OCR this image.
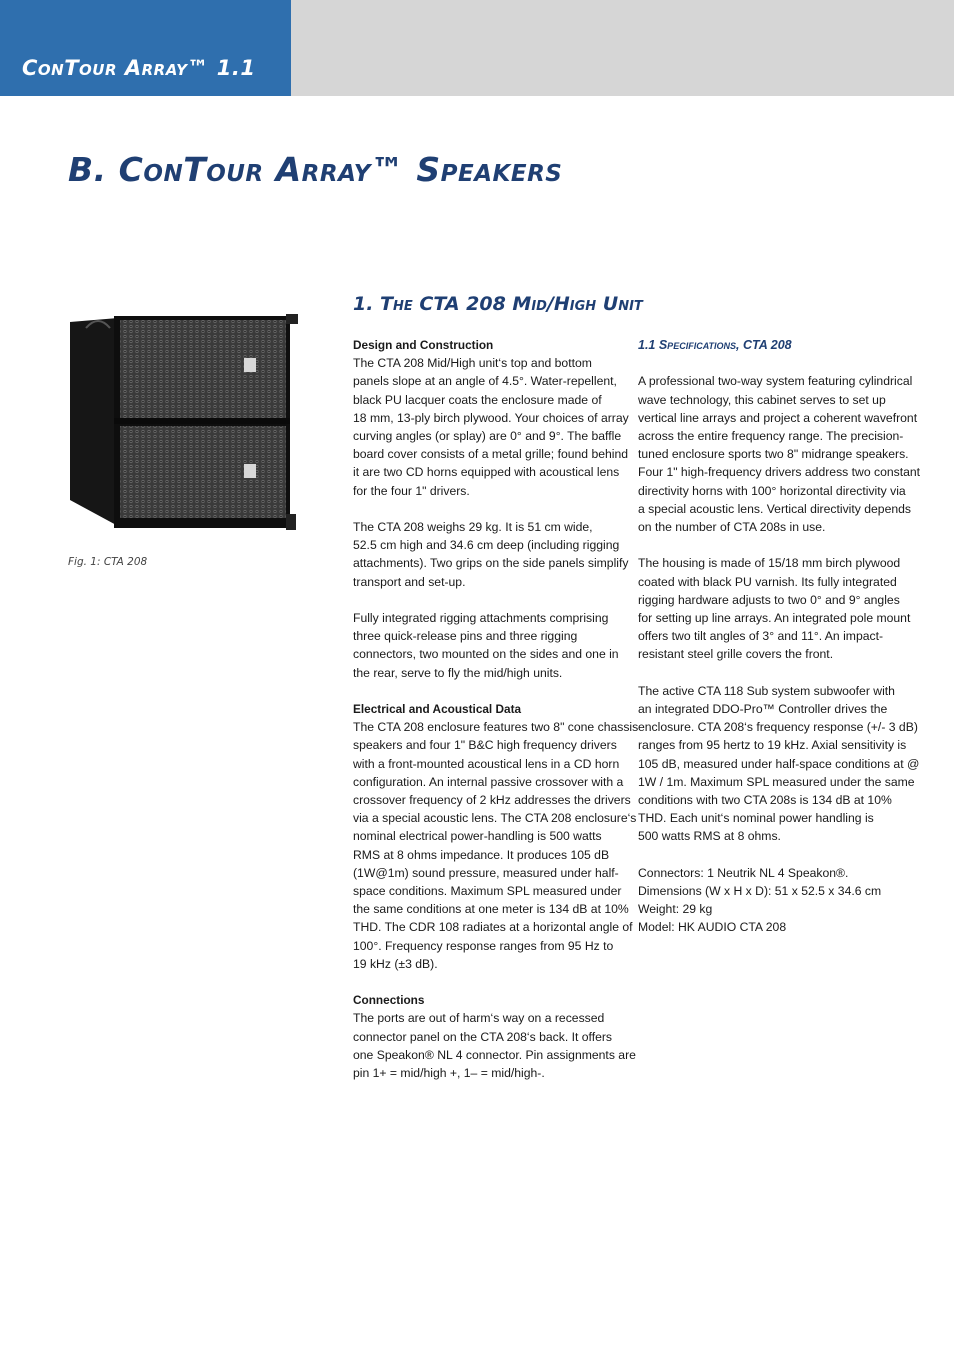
ConTour Array™ 1.1
B. ConTour Array™ Speakers
Fig. 1: CTA 208
1. The CTA 208 Mid/High Unit

Design and Construction

The CTA 208 Mid/High unit‘s top and bottom
panels slope at an angle of 4.5°. Water-repellent,
black PU lacquer coats the enclosure made of
18 mm, 13-ply birch plywood. Your choices of array
curving angles (or splay) are 0° and 9°. The baffle
board cover consists of a metal grille; found behind
it are two CD horns equipped with acoustical lens
for the four 1" drivers.

The CTA 208 weighs 29 kg. It is 51 cm wide,
52.5 cm high and 34.6 cm deep (including rigging
attachments). Two grips on the side panels simplify
transport and set-up.

Fully integrated rigging attachments comprising
three quick-release pins and three rigging
connectors, two mounted on the sides and one in
the rear, serve to fly the mid/high units.

Electrical and Acoustical Data

The CTA 208 enclosure features two 8" cone chassis
speakers and four 1" B&C high frequency drivers
with a front-mounted acoustical lens in a CD horn
configuration. An internal passive crossover with a
crossover frequency of 2 kHz addresses the drivers
via a special acoustic lens. The CTA 208 enclosure‘s
nominal electrical power-handling is 500 watts
RMS at 8 ohms impedance. It produces 105 dB
(1W@1m) sound pressure, measured under half-
space conditions. Maximum SPL measured under
the same conditions at one meter is 134 dB at 10%
THD. The CDR 108 radiates at a horizontal angle of
100°. Frequency response ranges from 95 Hz to
19 kHz (±3 dB).

Connections

The ports are out of harm‘s way on a recessed
connector panel on the CTA 208‘s back. It offers
one Speakon® NL 4 connector. Pin assignments are
pin 1+ = mid/high +, 1– = mid/high-.

1.1 Specifications, CTA 208

A professional two-way system featuring cylindrical
wave technology, this cabinet serves to set up
vertical line arrays and project a coherent wavefront
across the entire frequency range. The precision-
tuned enclosure sports two 8" midrange speakers.
Four 1" high-frequency drivers address two constant
directivity horns with 100° horizontal directivity via
a special acoustic lens. Vertical directivity depends
on the number of CTA 208s in use.

The housing is made of 15/18 mm birch plywood
coated with black PU varnish. Its fully integrated
rigging hardware adjusts to two 0° and 9° angles
for setting up line arrays. An integrated pole mount
offers two tilt angles of 3° and 11°. An impact-
resistant steel grille covers the front.

The active CTA 118 Sub system subwoofer with
an integrated DDO-Pro™ Controller drives the
enclosure. CTA 208‘s frequency response (+/- 3 dB)
ranges from 95 hertz to 19 kHz. Axial sensitivity is
105 dB, measured under half-space conditions at @
1W / 1m. Maximum SPL measured under the same
conditions with two CTA 208s is 134 dB at 10%
THD. Each unit‘s nominal power handling is
500 watts RMS at 8 ohms.

Connectors: 1 Neutrik NL 4 Speakon®.
Dimensions (W x H x D): 51 x 52.5 x 34.6 cm
Weight: 29 kg
Model: HK AUDIO CTA 208
